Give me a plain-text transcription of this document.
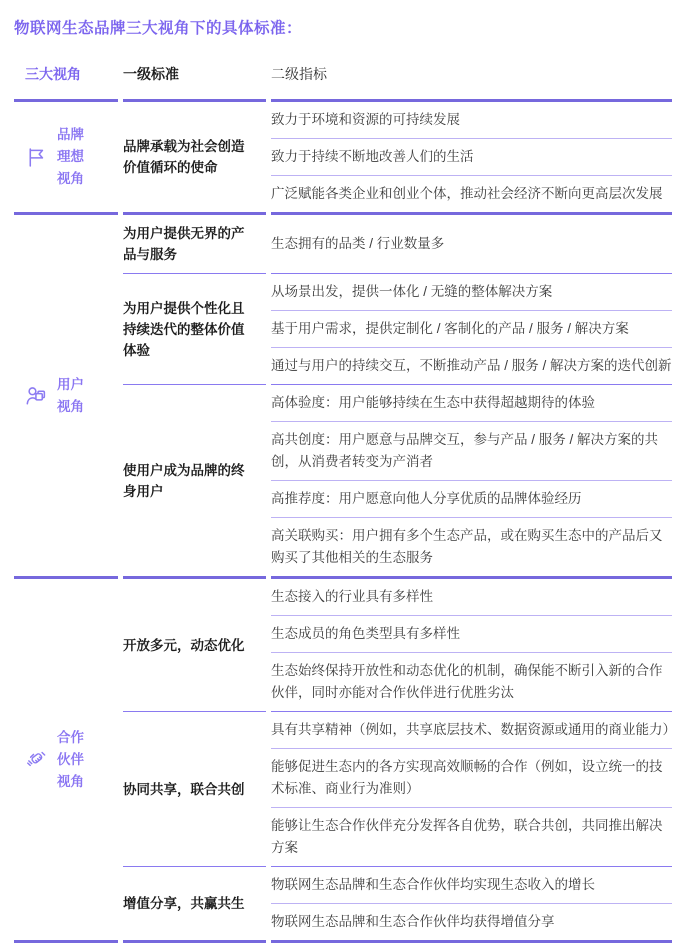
物联网生态品牌三大视角下的具体标准：
三大视角	一级标准	二级指标
品牌
理想
视角
品牌承载为社会创造价值循环的使命
致力于环境和资源的可持续发展
致力于持续不断地改善人们的生活
广泛赋能各类企业和创业个体，推动社会经济不断向更高层次发展
用户
视角
为用户提供无界的产品与服务
生态拥有的品类 / 行业数量多
为用户提供个性化且持续迭代的整体价值体验
从场景出发，提供一体化 / 无缝的整体解决方案
基于用户需求，提供定制化 / 客制化的产品 / 服务 / 解决方案
通过与用户的持续交互，不断推动产品 / 服务 / 解决方案的迭代创新
使用户成为品牌的终身用户
高体验度：用户能够持续在生态中获得超越期待的体验
高共创度：用户愿意与品牌交互，参与产品 / 服务 / 解决方案的共创，从消费者转变为产消者
高推荐度：用户愿意向他人分享优质的品牌体验经历
高关联购买：用户拥有多个生态产品，或在购买生态中的产品后又购买了其他相关的生态服务
合作
伙伴
视角
开放多元，动态优化
生态接入的行业具有多样性
生态成员的角色类型具有多样性
生态始终保持开放性和动态优化的机制，确保能不断引入新的合作伙伴，同时亦能对合作伙伴进行优胜劣汰
协同共享，联合共创
具有共享精神（例如，共享底层技术、数据资源或通用的商业能力）
能够促进生态内的各方实现高效顺畅的合作（例如，设立统一的技术标准、商业行为准则）
能够让生态合作伙伴充分发挥各自优势，联合共创，共同推出解决方案
增值分享，共赢共生
物联网生态品牌和生态合作伙伴均实现生态收入的增长
物联网生态品牌和生态合作伙伴均获得增值分享
